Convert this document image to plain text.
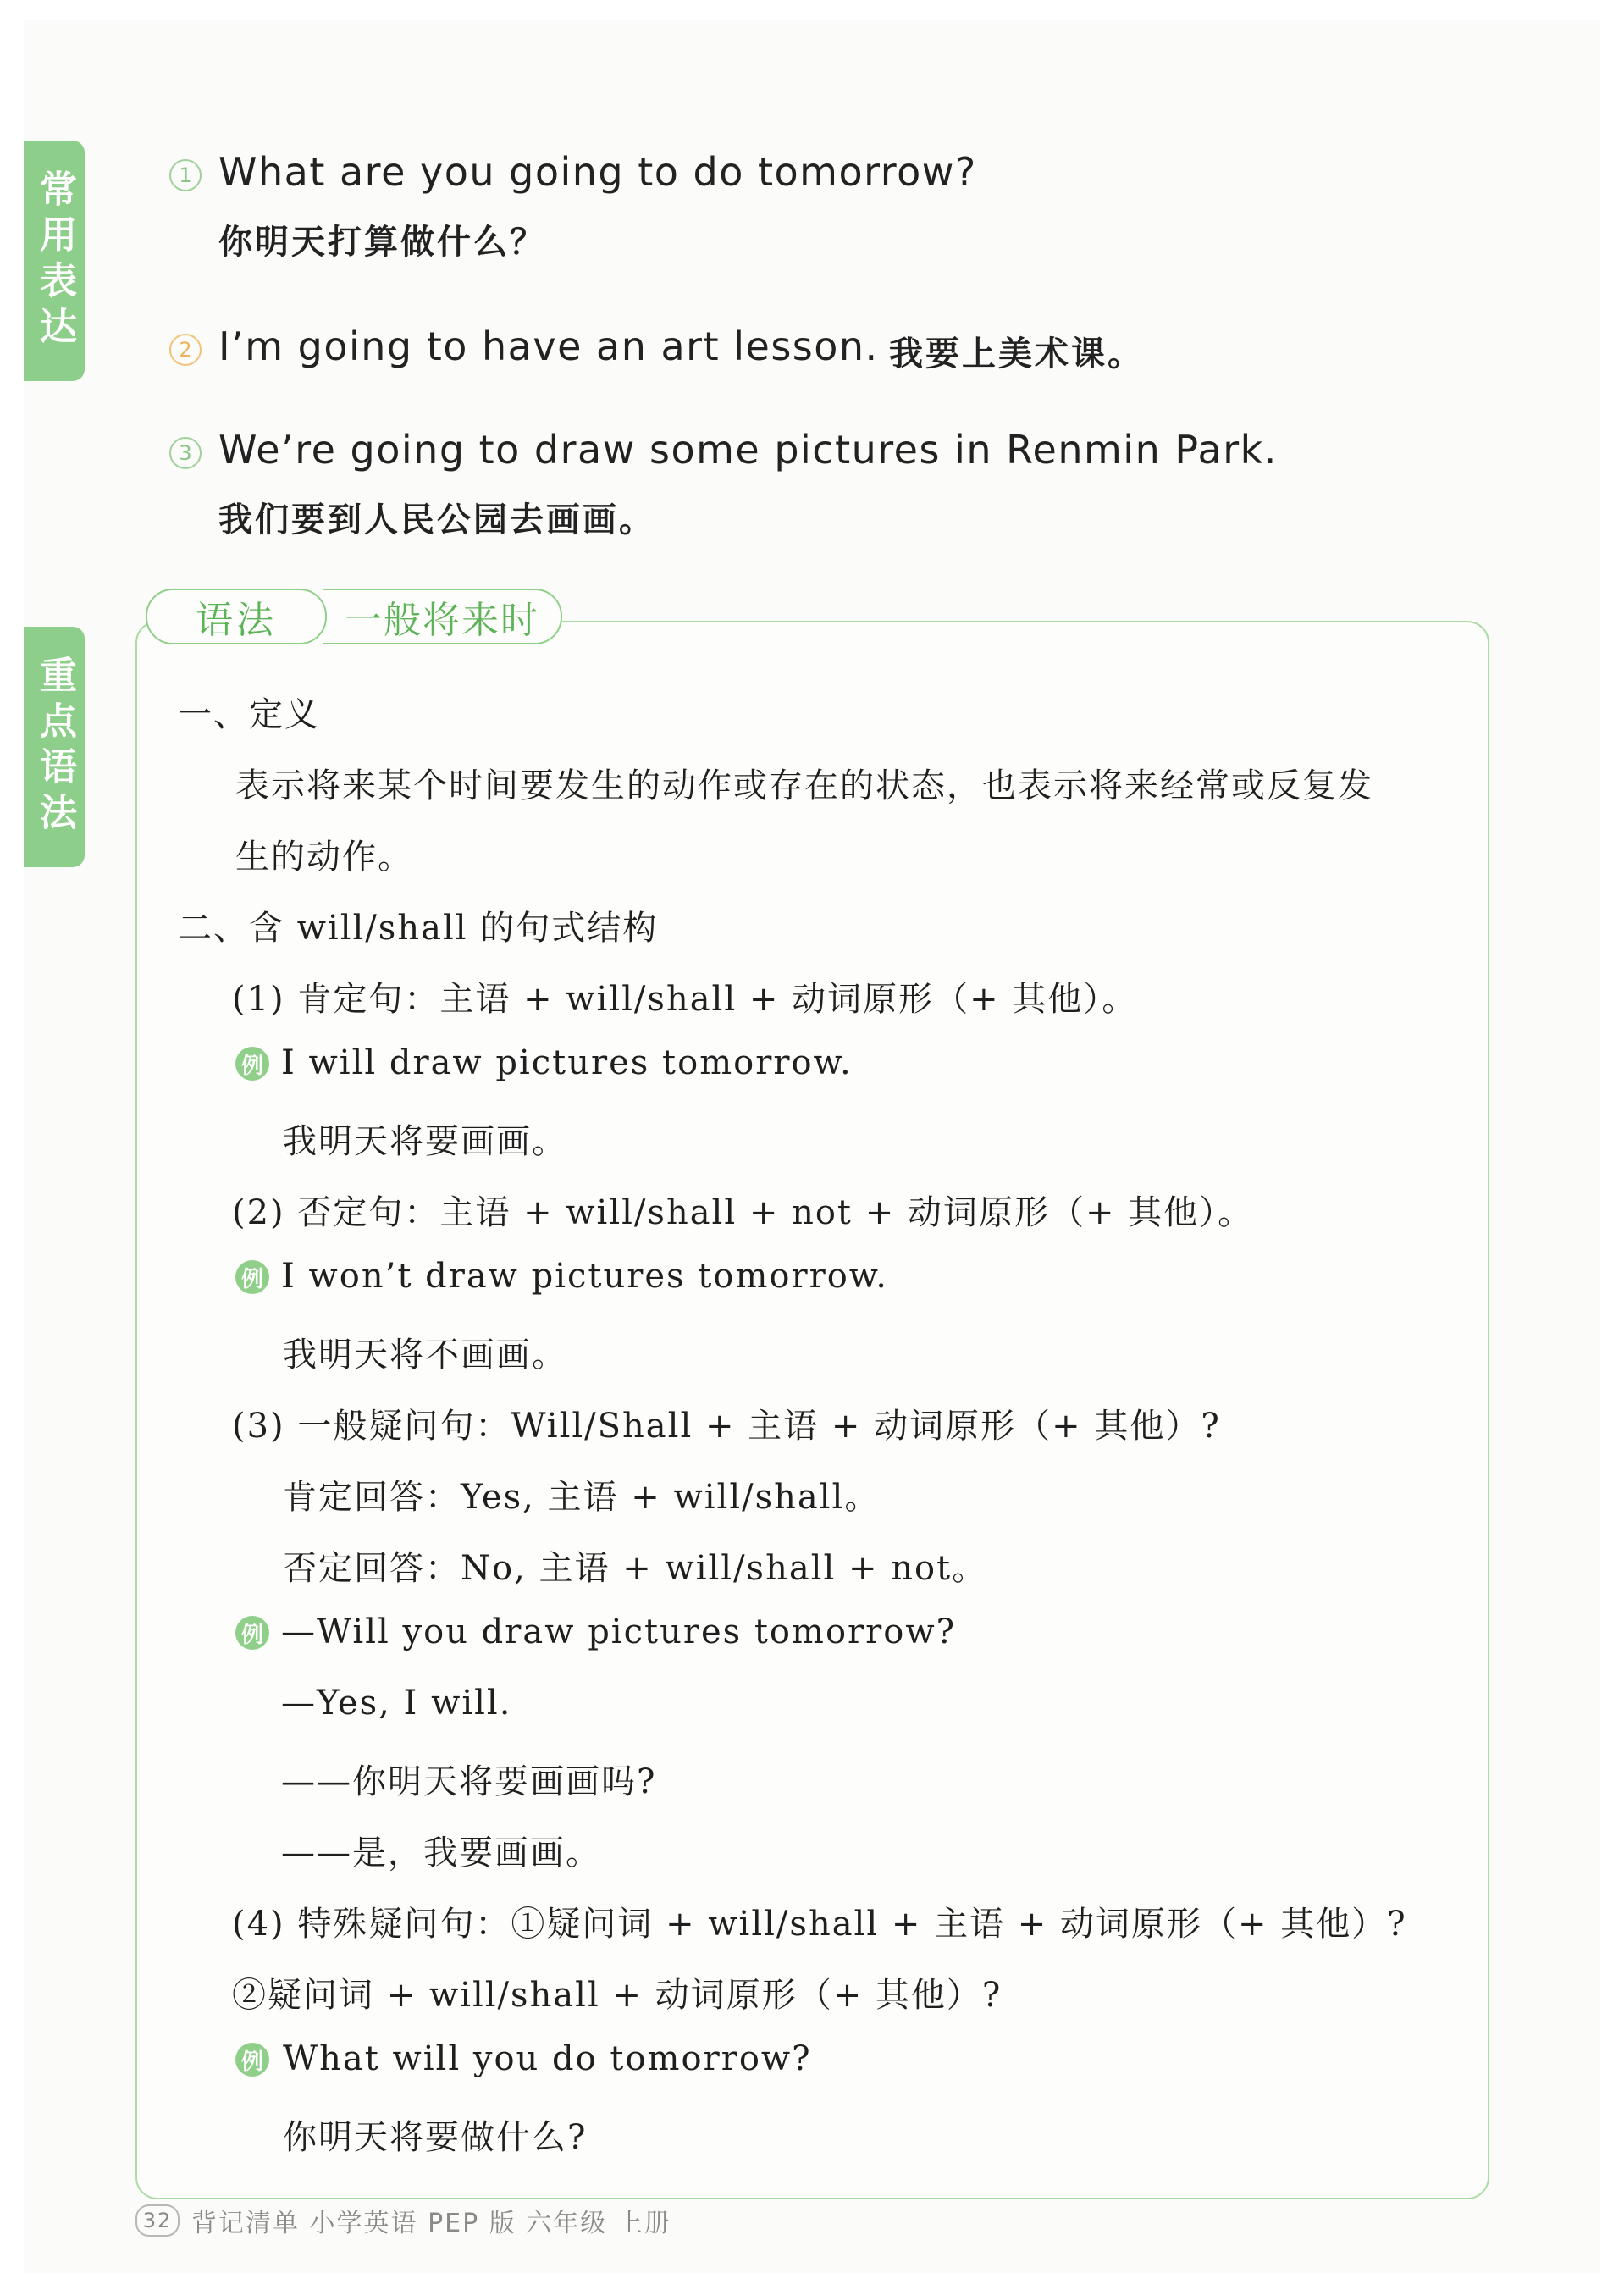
常用表达
重点语法
1 What are you going to do tomorrow?
你明天打算做什么？
2 I’m going to have an art lesson. 我要上美术课。
3 We’re going to draw some pictures in Renmin Park.
我们要到人民公园去画画。
一般将来时
语法
一、定义
表示将来某个时间要发生的动作或存在的状态，也表示将来经常或反复发
生的动作。
二、含 will/shall 的句式结构
(1) 肯定句：主语 + will/shall + 动词原形（+ 其他）。
例 I will draw pictures tomorrow.
我明天将要画画。
(2) 否定句：主语 + will/shall + not + 动词原形（+ 其他）。
例 I won’t draw pictures tomorrow.
我明天将不画画。
(3) 一般疑问句：Will/Shall + 主语 + 动词原形（+ 其他）?
肯定回答：Yes, 主语 + will/shall。
否定回答：No, 主语 + will/shall + not。
例 —Will you draw pictures tomorrow?
—Yes, I will.
——你明天将要画画吗?
——是，我要画画。
(4) 特殊疑问句：①疑问词 + will/shall + 主语 + 动词原形（+ 其他）?
②疑问词 + will/shall + 动词原形（+ 其他）?
例 What will you do tomorrow?
你明天将要做什么?
32 背记清单 小学英语 PEP 版 六年级 上册
